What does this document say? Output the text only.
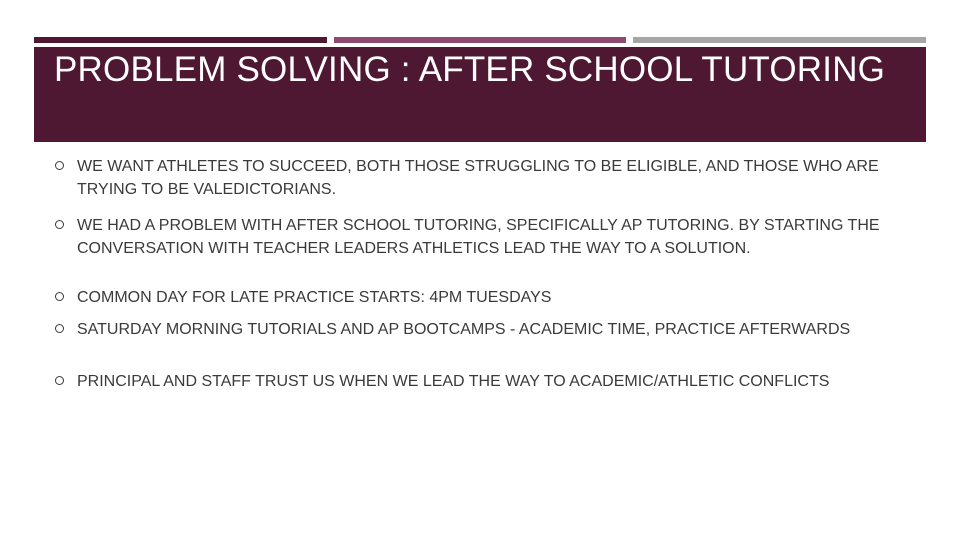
PROBLEM SOLVING : AFTER SCHOOL TUTORING
WE WANT ATHLETES TO SUCCEED, BOTH THOSE STRUGGLING TO BE ELIGIBLE, AND THOSE WHO ARE TRYING TO BE VALEDICTORIANS.
WE HAD A PROBLEM WITH AFTER SCHOOL TUTORING, SPECIFICALLY AP TUTORING. BY STARTING THE CONVERSATION WITH TEACHER LEADERS ATHLETICS LEAD THE WAY TO A SOLUTION.
COMMON DAY FOR LATE PRACTICE STARTS: 4PM TUESDAYS
SATURDAY MORNING TUTORIALS AND AP BOOTCAMPS - ACADEMIC TIME, PRACTICE AFTERWARDS
PRINCIPAL AND STAFF TRUST US WHEN WE LEAD THE WAY TO ACADEMIC/ATHLETIC CONFLICTS
